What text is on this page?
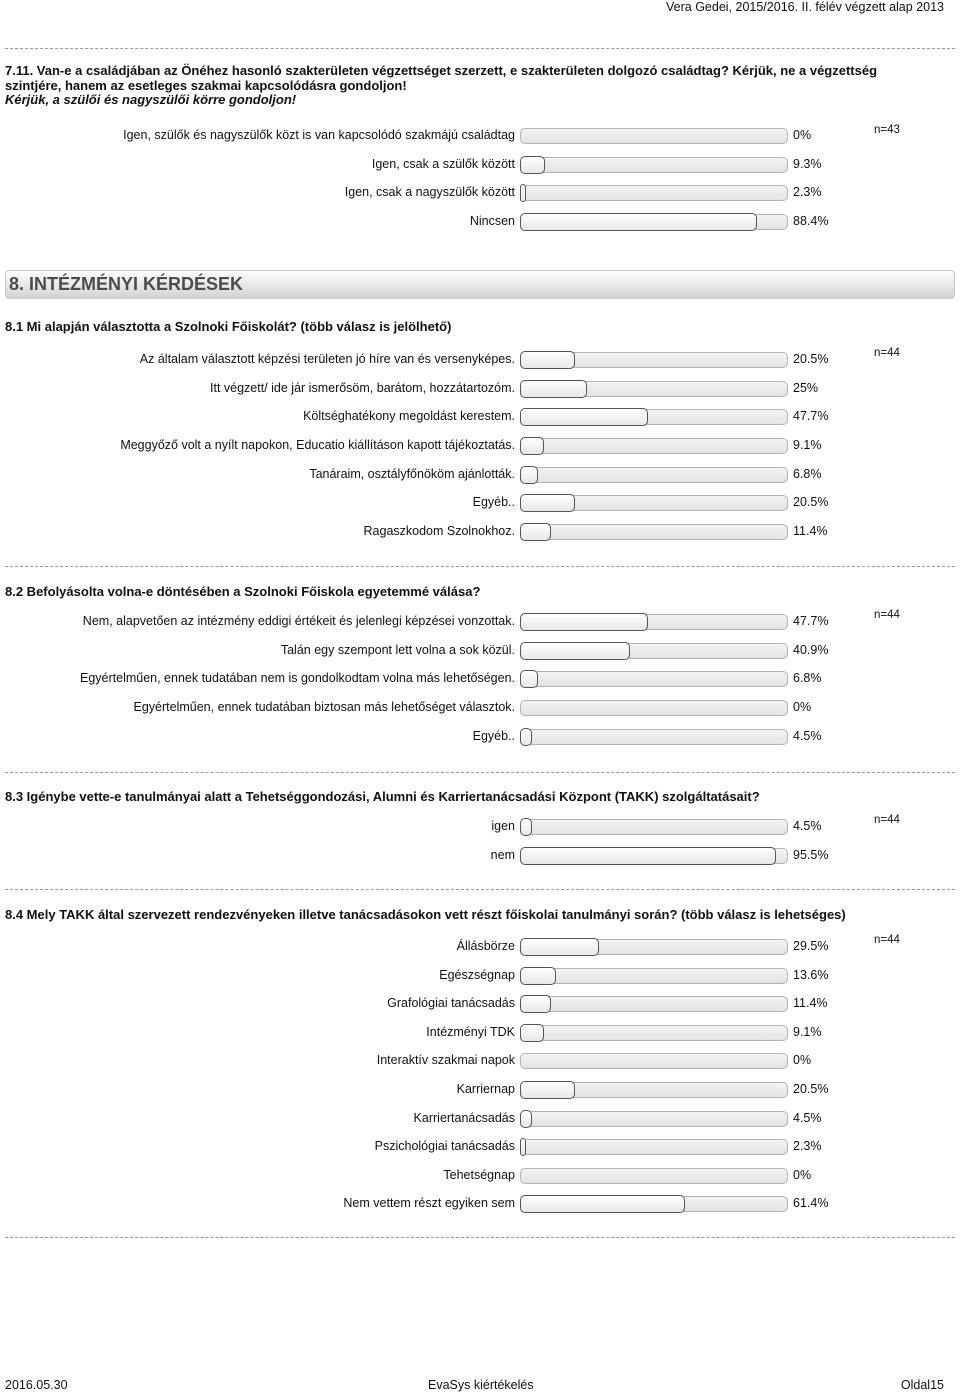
Vera Gedei, 2015/2016. II. félév végzett alap 2013
8. INTÉZMÉNYI KÉRDÉSEK
7.11. Van-e a családjában az Önéhez hasonló szakterületen végzettséget szerzett, e szakterületen dolgozó családtag? Kérjük, ne a végzettség
szintjére, hanem az esetleges szakmai kapcsolódásra gondoljon!
Kérjük, a szülői és nagyszülői körre gondoljon!
n=43
Igen, szülők és nagyszülők közt is van kapcsolódó szakmájú családtag	0%
Igen, csak a szülők között	9.3%
Igen, csak a nagyszülők között	2.3%
Nincsen	88.4%
8.1 Mi alapján választotta a Szolnoki Főiskolát? (több válasz is jelölhető)
n=44
Az általam választott képzési területen jó híre van és versenyképes.	20.5%
Itt végzett/ ide jár ismerősöm, barátom, hozzátartozóm.	25%
Költséghatékony megoldást kerestem.	47.7%
Meggyőző volt a nyílt napokon, Educatio kiállításon kapott tájékoztatás.	9.1%
Tanáraim, osztályfőnököm ajánlották.	6.8%
Egyéb..	20.5%
Ragaszkodom Szolnokhoz.	11.4%
8.2 Befolyásolta volna-e döntésében a Szolnoki Főiskola egyetemmé válása?
n=44
Nem, alapvetően az intézmény eddigi értékeit és jelenlegi képzései vonzottak.	47.7%
Talán egy szempont lett volna a sok közül.	40.9%
Egyértelműen, ennek tudatában nem is gondolkodtam volna más lehetőségen.	6.8%
Egyértelműen, ennek tudatában biztosan más lehetőséget választok.	0%
Egyéb..	4.5%
8.3 Igénybe vette-e tanulmányai alatt a Tehetséggondozási, Alumni és Karriertanácsadási Központ (TAKK) szolgáltatásait?
n=44
igen	4.5%
nem	95.5%
8.4 Mely TAKK által szervezett rendezvényeken illetve tanácsadásokon vett részt főiskolai tanulmányi során? (több válasz is lehetséges)
n=44
Állásbörze	29.5%
Egészségnap	13.6%
Grafológiai tanácsadás	11.4%
Intézményi TDK	9.1%
Interaktív szakmai napok	0%
Karriernap	20.5%
Karriertanácsadás	4.5%
Pszichológiai tanácsadás	2.3%
Tehetségnap	0%
Nem vettem részt egyiken sem	61.4%
2016.05.30	EvaSys kiértékelés	Oldal15
